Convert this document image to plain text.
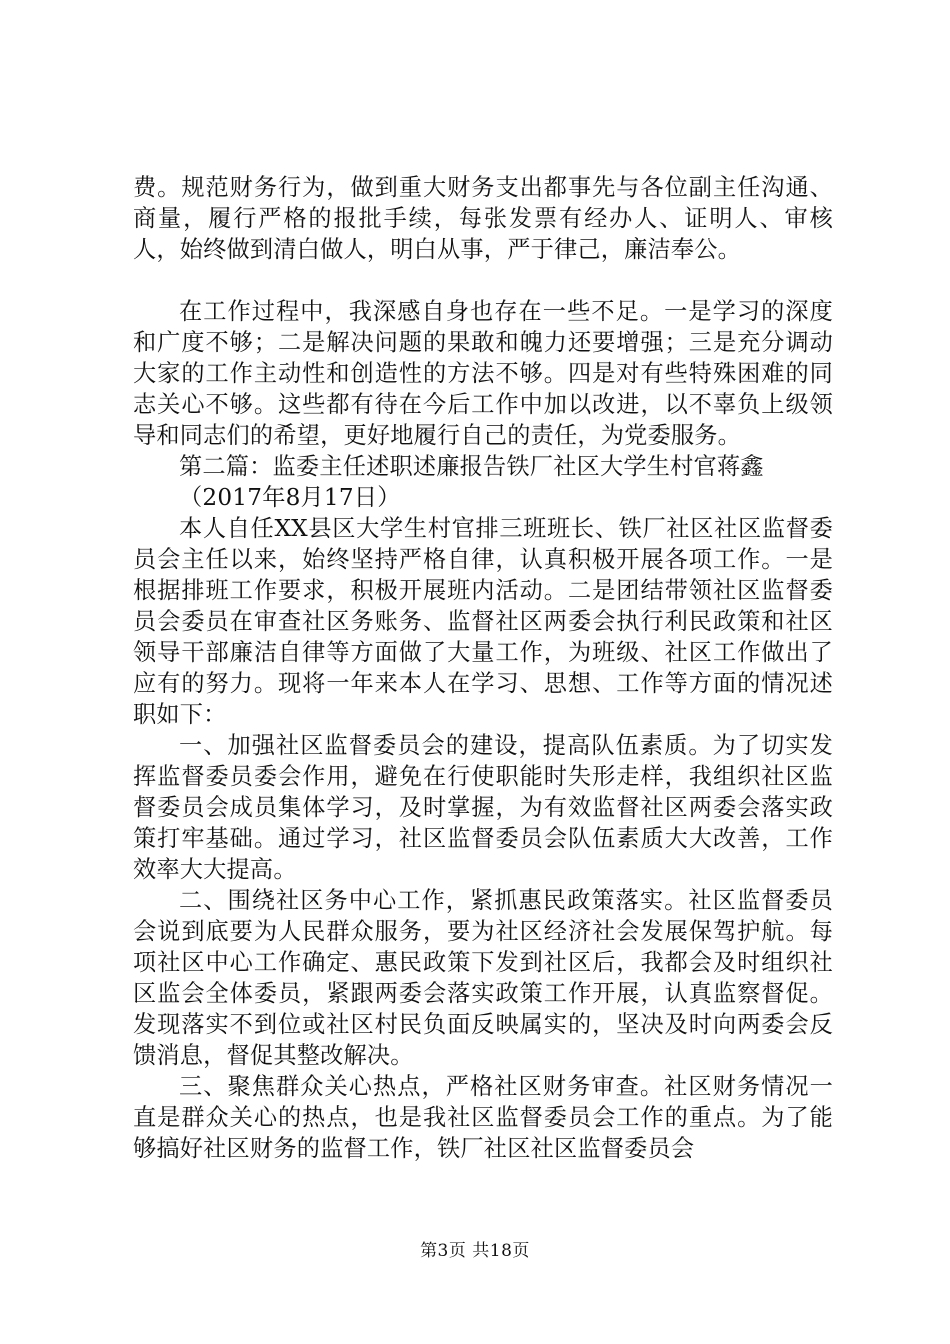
费。规范财务行为，做到重大财务支出都事先与各位副主任沟通、商量，履行严格的报批手续，每张发票有经办人、证明人、审核人，始终做到清白做人，明白从事，严于律己，廉洁奉公。

在工作过程中，我深感自身也存在一些不足。一是学习的深度和广度不够；二是解决问题的果敢和魄力还要增强；三是充分调动大家的工作主动性和创造性的方法不够。四是对有些特殊困难的同志关心不够。这些都有待在今后工作中加以改进，以不辜负上级领导和同志们的希望，更好地履行自己的责任，为党委服务。

第二篇：监委主任述职述廉报告铁厂社区大学生村官蒋鑫

（2017年8月17日）

本人自任XX县区大学生村官排三班班长、铁厂社区社区监督委员会主任以来，始终坚持严格自律，认真积极开展各项工作。一是根据排班工作要求，积极开展班内活动。二是团结带领社区监督委员会委员在审查社区务账务、监督社区两委会执行利民政策和社区领导干部廉洁自律等方面做了大量工作，为班级、社区工作做出了应有的努力。现将一年来本人在学习、思想、工作等方面的情况述职如下：

一、加强社区监督委员会的建设，提高队伍素质。为了切实发挥监督委员委会作用，避免在行使职能时失形走样，我组织社区监督委员会成员集体学习，及时掌握，为有效监督社区两委会落实政策打牢基础。通过学习，社区监督委员会队伍素质大大改善，工作效率大大提高。

二、围绕社区务中心工作，紧抓惠民政策落实。社区监督委员会说到底要为人民群众服务，要为社区经济社会发展保驾护航。每项社区中心工作确定、惠民政策下发到社区后，我都会及时组织社区监会全体委员，紧跟两委会落实政策工作开展，认真监察督促。发现落实不到位或社区村民负面反映属实的，坚决及时向两委会反馈消息，督促其整改解决。

三、聚焦群众关心热点，严格社区财务审查。社区财务情况一直是群众关心的热点，也是我社区监督委员会工作的重点。为了能够搞好社区财务的监督工作，铁厂社区社区监督委员会

第3页 共18页
